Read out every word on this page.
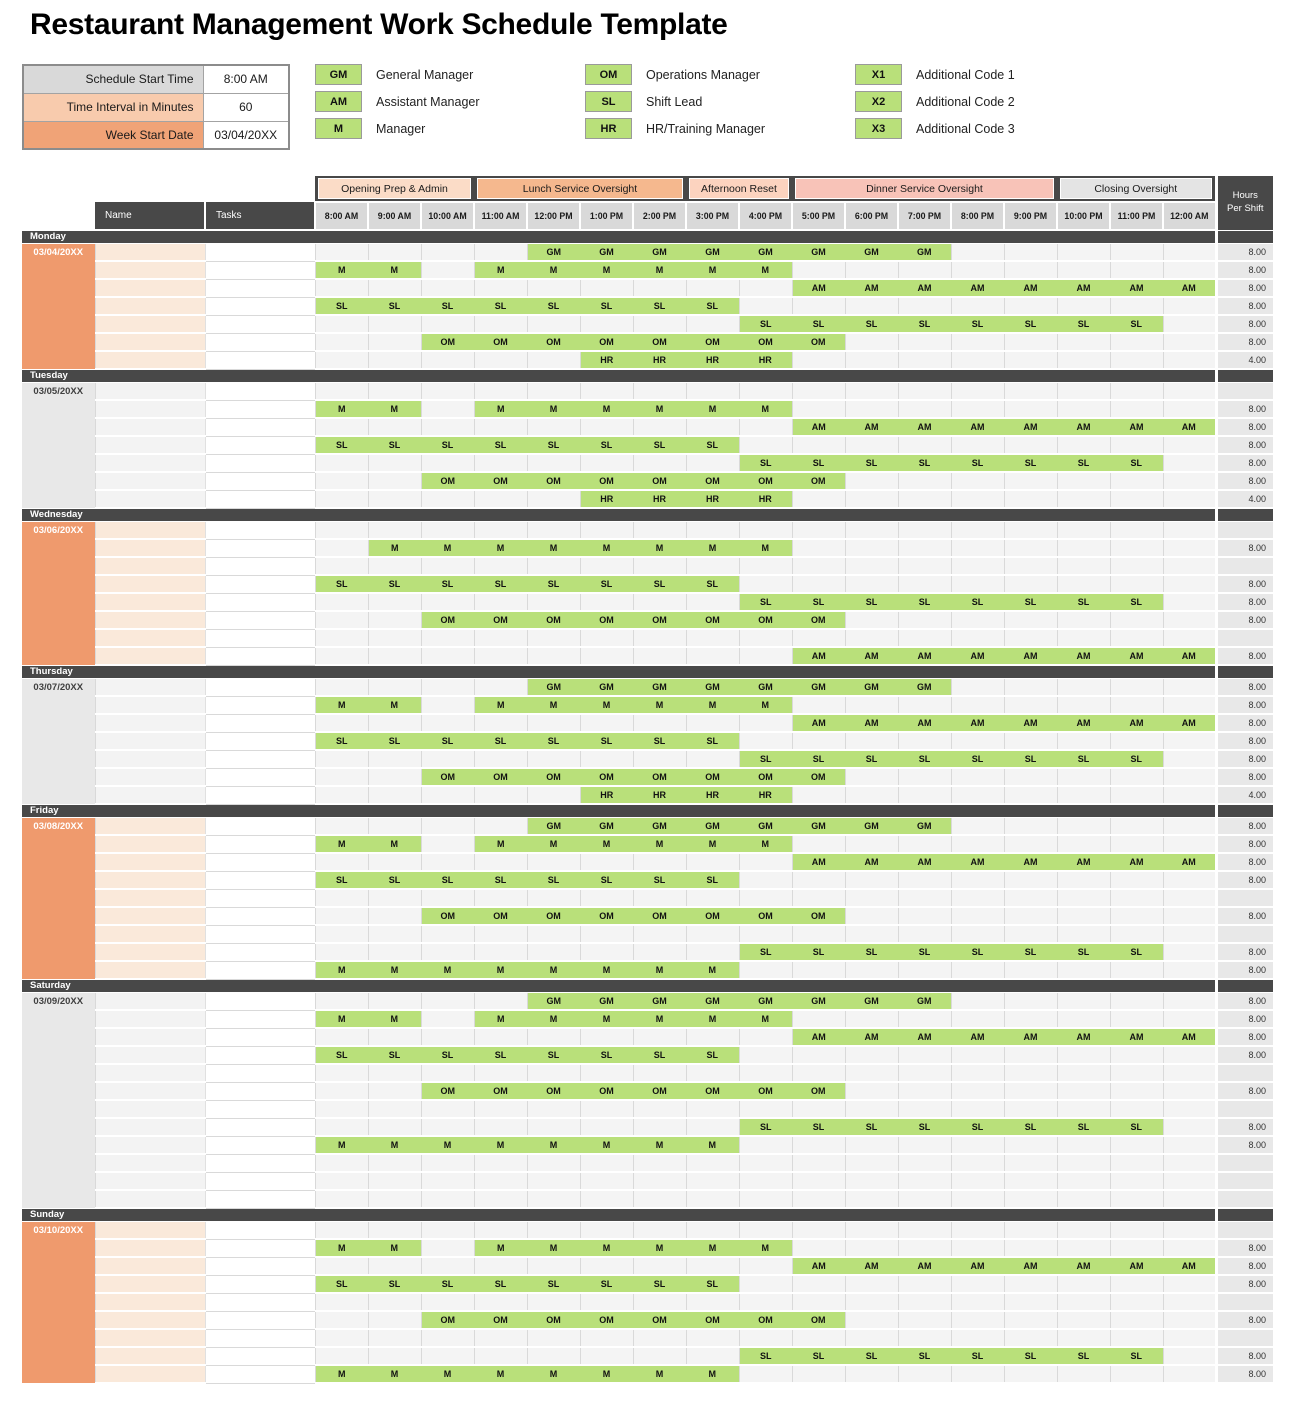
Restaurant Management Work Schedule Template
Schedule Start Time	8:00 AM
Time Interval in Minutes	60
Week Start Date	03/04/20XX
GM	General Manager
AM	Assistant Manager
M	Manager
OM	Operations Manager
SL	Shift Lead
HR	HR/Training Manager
X1	Additional Code 1
X2	Additional Code 2
X3	Additional Code 3

			Opening Prep & Admin			Lunch Service Oversight				Afternoon Reset		Dinner Service Oversight					Closing Oversight			Hours
Per Shift

	Name	Tasks	8:00 AM	9:00 AM	10:00 AM	11:00 AM	12:00 PM	1:00 PM	2:00 PM	3:00 PM	4:00 PM	5:00 PM	6:00 PM	7:00 PM	8:00 PM	9:00 PM	10:00 PM	11:00 PM	12:00 AM	
Monday																				
03/04/20XX							GM	GM	GM	GM	GM	GM	GM	GM						8.00
			M	M		M	M	M	M	M	M									8.00
												AM	AM	AM	AM	AM	AM	AM	AM	8.00
			SL	SL	SL	SL	SL	SL	SL	SL										8.00
											SL	SL	SL	SL	SL	SL	SL	SL		8.00
					OM	OM	OM	OM	OM	OM	OM	OM								8.00
								HR	HR	HR	HR									4.00
Tuesday																				
03/05/20XX																				
			M	M		M	M	M	M	M	M									8.00
												AM	AM	AM	AM	AM	AM	AM	AM	8.00
			SL	SL	SL	SL	SL	SL	SL	SL										8.00
											SL	SL	SL	SL	SL	SL	SL	SL		8.00
					OM	OM	OM	OM	OM	OM	OM	OM								8.00
								HR	HR	HR	HR									4.00
Wednesday																				
03/06/20XX																				
				M	M	M	M	M	M	M	M									8.00

			SL	SL	SL	SL	SL	SL	SL	SL										8.00
											SL	SL	SL	SL	SL	SL	SL	SL		8.00
					OM	OM	OM	OM	OM	OM	OM	OM								8.00

												AM	AM	AM	AM	AM	AM	AM	AM	8.00
Thursday																				
03/07/20XX							GM	GM	GM	GM	GM	GM	GM	GM						8.00
			M	M		M	M	M	M	M	M									8.00
												AM	AM	AM	AM	AM	AM	AM	AM	8.00
			SL	SL	SL	SL	SL	SL	SL	SL										8.00
											SL	SL	SL	SL	SL	SL	SL	SL		8.00
					OM	OM	OM	OM	OM	OM	OM	OM								8.00
								HR	HR	HR	HR									4.00
Friday																				
03/08/20XX							GM	GM	GM	GM	GM	GM	GM	GM						8.00
			M	M		M	M	M	M	M	M									8.00
												AM	AM	AM	AM	AM	AM	AM	AM	8.00
			SL	SL	SL	SL	SL	SL	SL	SL										8.00

					OM	OM	OM	OM	OM	OM	OM	OM								8.00

											SL	SL	SL	SL	SL	SL	SL	SL		8.00
			M	M	M	M	M	M	M	M										8.00
Saturday																				
03/09/20XX							GM	GM	GM	GM	GM	GM	GM	GM						8.00
			M	M		M	M	M	M	M	M									8.00
												AM	AM	AM	AM	AM	AM	AM	AM	8.00
			SL	SL	SL	SL	SL	SL	SL	SL										8.00

					OM	OM	OM	OM	OM	OM	OM	OM								8.00

											SL	SL	SL	SL	SL	SL	SL	SL		8.00
			M	M	M	M	M	M	M	M										8.00

Sunday																				
03/10/20XX																				
			M	M		M	M	M	M	M	M									8.00
												AM	AM	AM	AM	AM	AM	AM	AM	8.00
			SL	SL	SL	SL	SL	SL	SL	SL										8.00

					OM	OM	OM	OM	OM	OM	OM	OM								8.00

											SL	SL	SL	SL	SL	SL	SL	SL		8.00
			M	M	M	M	M	M	M	M										8.00
